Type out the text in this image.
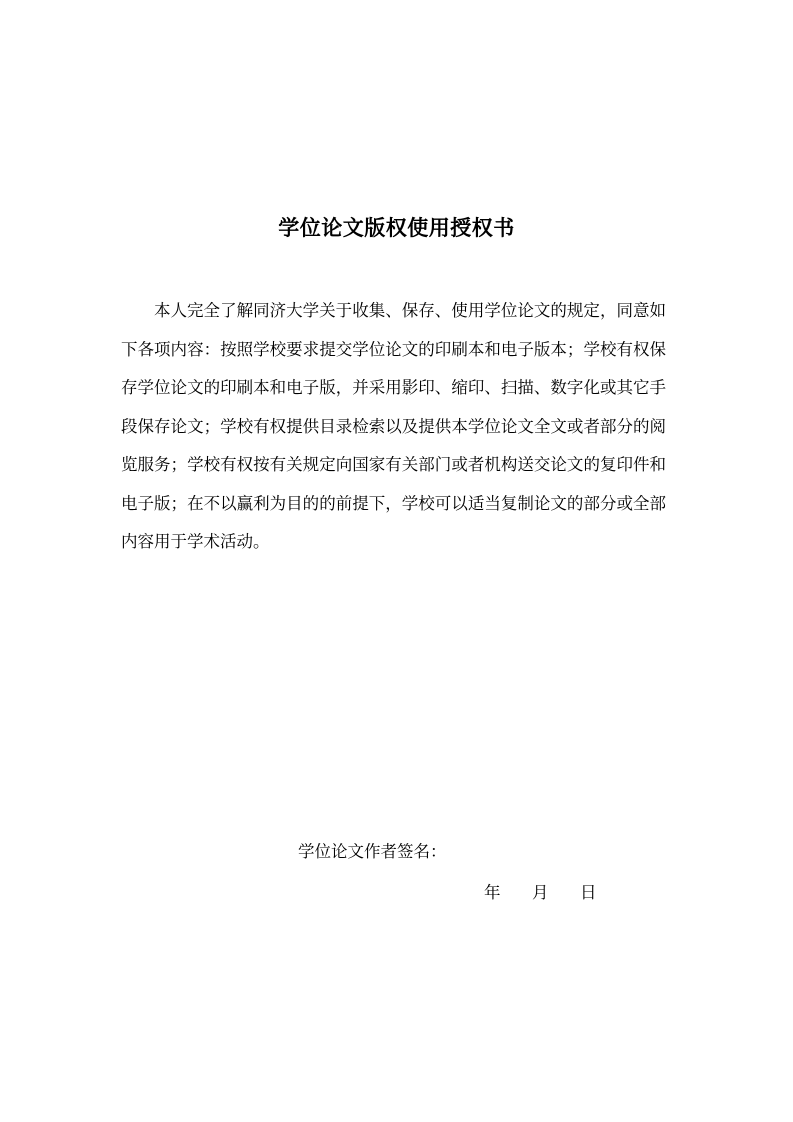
学位论文版权使用授权书

本人完全了解同济大学关于收集、保存、使用学位论文的规定，同意如下各项内容：按照学校要求提交学位论文的印刷本和电子版本；学校有权保存学位论文的印刷本和电子版，并采用影印、缩印、扫描、数字化或其它手段保存论文；学校有权提供目录检索以及提供本学位论文全文或者部分的阅览服务；学校有权按有关规定向国家有关部门或者机构送交论文的复印件和电子版；在不以赢利为目的的前提下，学校可以适当复制论文的部分或全部内容用于学术活动。

学位论文作者签名：
年 月 日
